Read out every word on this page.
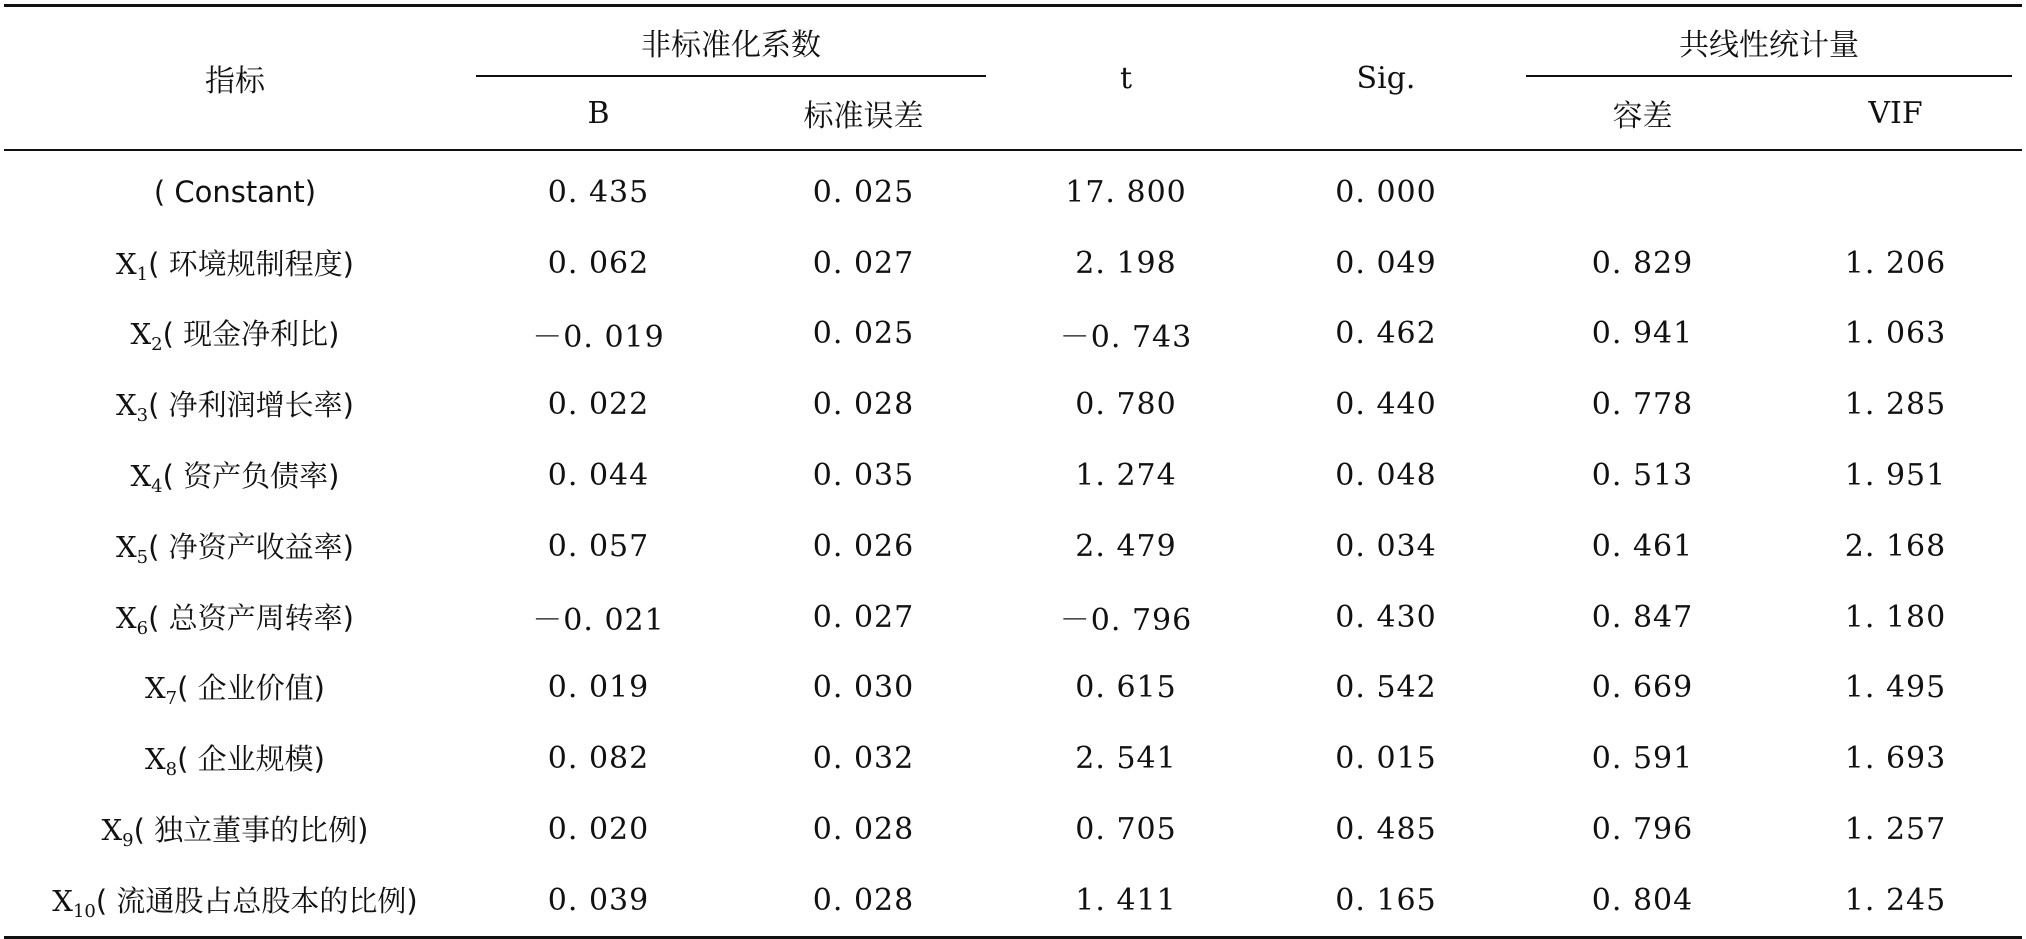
指标	非标准化系数		t	Sig.	共线性统计量	

	B	标准误差			容差	VIF
( Constant)	0. 435	0. 025	17. 800	0. 000		
$X_1$( 环境规制程度)	0. 062	0. 027	2. 198	0. 049	0. 829	1. 206
$X_2$( 现金净利比)	－0. 019	0. 025	－0. 743	0. 462	0. 941	1. 063
$X_3$( 净利润增长率)	0. 022	0. 028	0. 780	0. 440	0. 778	1. 285
$X_4$( 资产负债率)	0. 044	0. 035	1. 274	0. 048	0. 513	1. 951
$X_5$( 净资产收益率)	0. 057	0. 026	2. 479	0. 034	0. 461	2. 168
$X_6$( 总资产周转率)	－0. 021	0. 027	－0. 796	0. 430	0. 847	1. 180
$X_7$( 企业价值)	0. 019	0. 030	0. 615	0. 542	0. 669	1. 495
$X_8$( 企业规模)	0. 082	0. 032	2. 541	0. 015	0. 591	1. 693
$X_9$( 独立董事的比例)	0. 020	0. 028	0. 705	0. 485	0. 796	1. 257
$X_{10}$( 流通股占总股本的比例)	0. 039	0. 028	1. 411	0. 165	0. 804	1. 245
